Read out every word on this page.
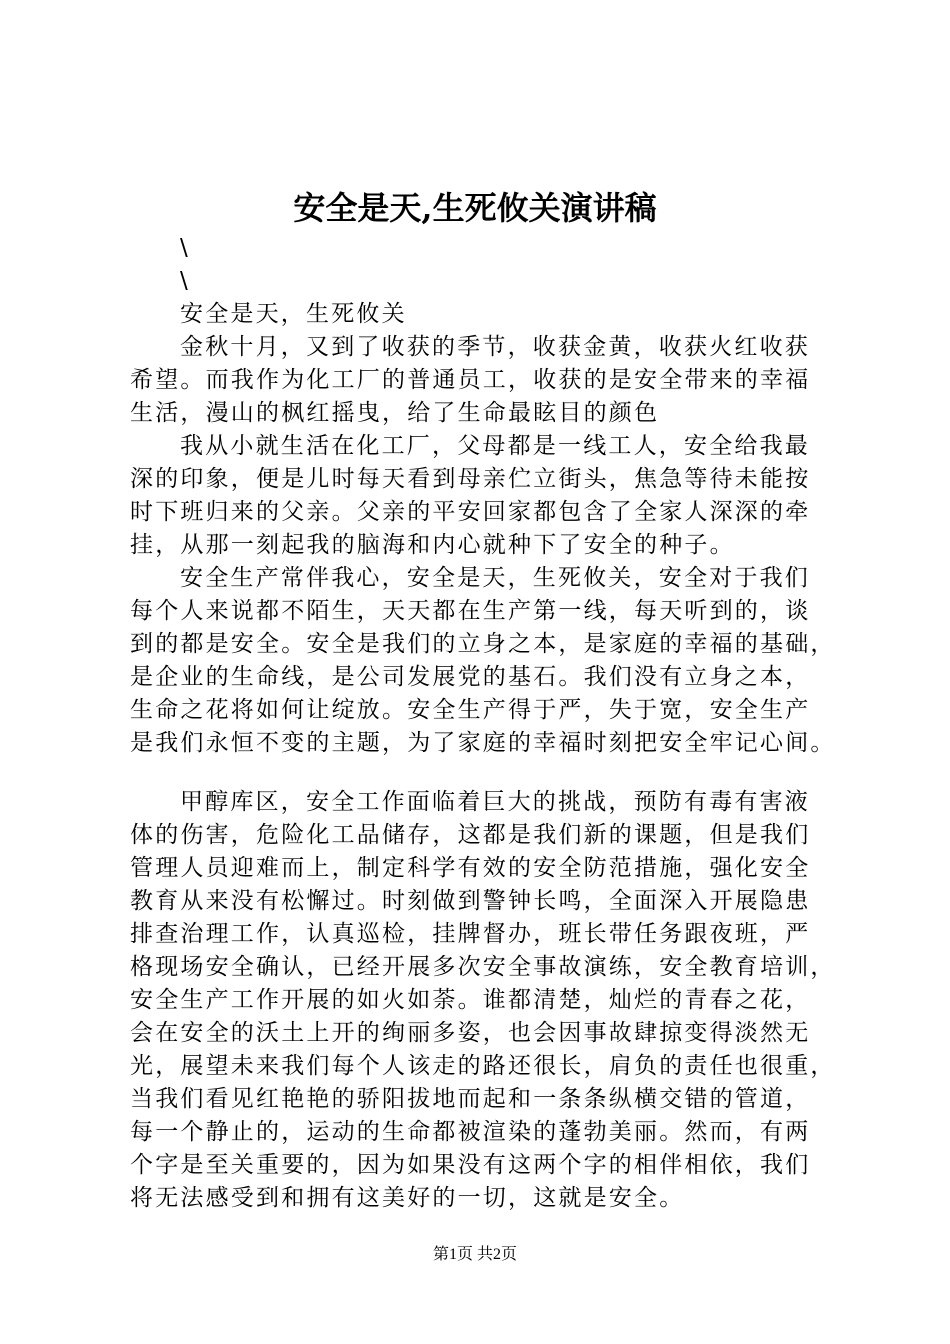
安全是天,生死攸关演讲稿
\
\
安全是天，生死攸关
金秋十月，又到了收获的季节，收获金黄，收获火红收获
希望。而我作为化工厂的普通员工，收获的是安全带来的幸福
生活，漫山的枫红摇曳，给了生命最眩目的颜色
我从小就生活在化工厂，父母都是一线工人，安全给我最
深的印象，便是儿时每天看到母亲伫立街头，焦急等待未能按
时下班归来的父亲。父亲的平安回家都包含了全家人深深的牵
挂，从那一刻起我的脑海和内心就种下了安全的种子。
安全生产常伴我心，安全是天，生死攸关，安全对于我们
每个人来说都不陌生，天天都在生产第一线，每天听到的，谈
到的都是安全。安全是我们的立身之本，是家庭的幸福的基础，
是企业的生命线，是公司发展党的基石。我们没有立身之本，
生命之花将如何让绽放。安全生产得于严，失于宽，安全生产
是我们永恒不变的主题，为了家庭的幸福时刻把安全牢记心间。
甲醇库区，安全工作面临着巨大的挑战，预防有毒有害液
体的伤害，危险化工品储存，这都是我们新的课题，但是我们
管理人员迎难而上，制定科学有效的安全防范措施，强化安全
教育从来没有松懈过。时刻做到警钟长鸣，全面深入开展隐患
排查治理工作，认真巡检，挂牌督办，班长带任务跟夜班，严
格现场安全确认，已经开展多次安全事故演练，安全教育培训，
安全生产工作开展的如火如荼。谁都清楚，灿烂的青春之花，
会在安全的沃土上开的绚丽多姿，也会因事故肆掠变得淡然无
光，展望未来我们每个人该走的路还很长，肩负的责任也很重，
当我们看见红艳艳的骄阳拔地而起和一条条纵横交错的管道，
每一个静止的，运动的生命都被渲染的蓬勃美丽。然而，有两
个字是至关重要的，因为如果没有这两个字的相伴相依，我们
将无法感受到和拥有这美好的一切，这就是安全。
第1页 共2页
